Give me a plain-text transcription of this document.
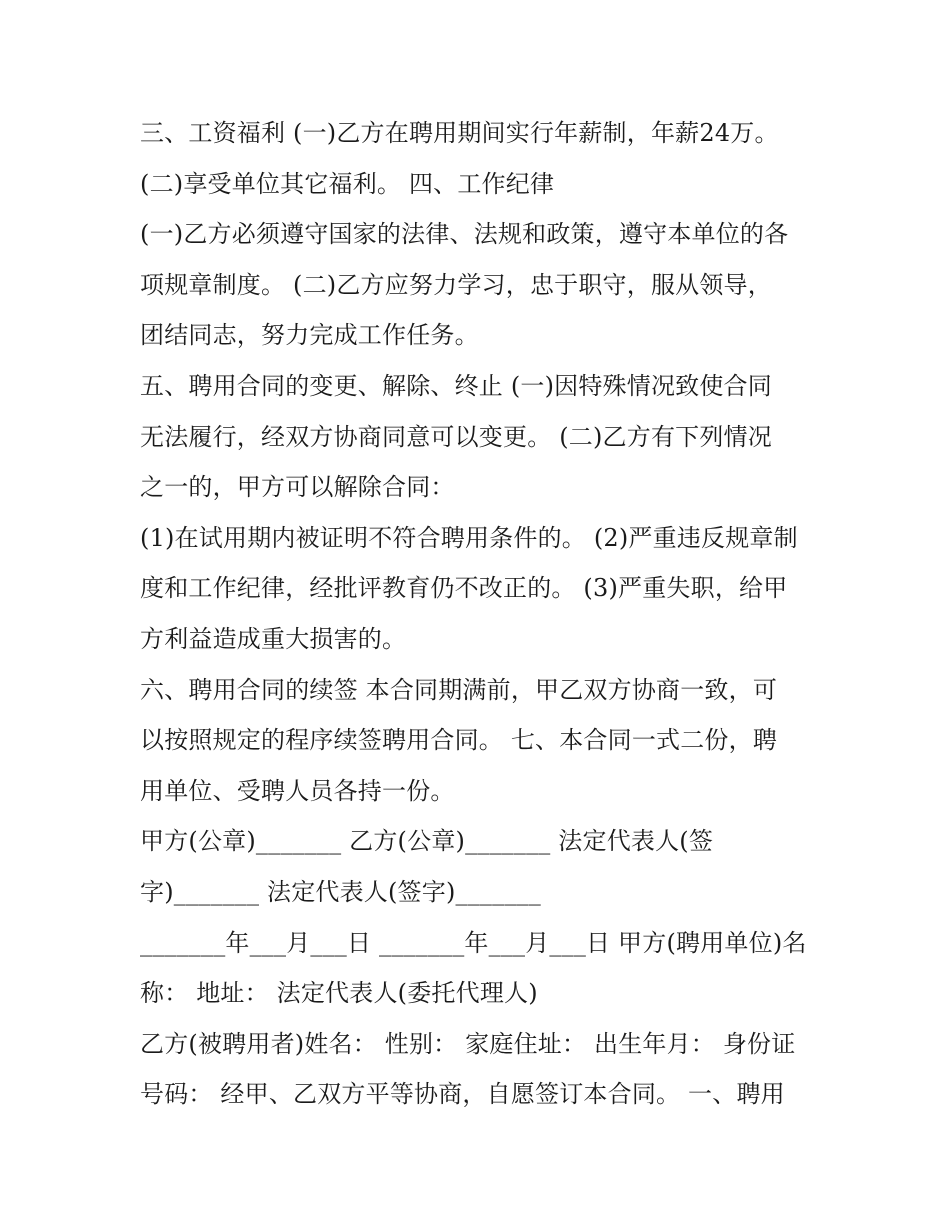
三、工资福利 (一)乙方在聘用期间实行年薪制，年薪24万。
(二)享受单位其它福利。 四、工作纪律
(一)乙方必须遵守国家的法律、法规和政策，遵守本单位的各
项规章制度。 (二)乙方应努力学习，忠于职守，服从领导，
团结同志，努力完成工作任务。
五、聘用合同的变更、解除、终止 (一)因特殊情况致使合同
无法履行，经双方协商同意可以变更。 (二)乙方有下列情况
之一的，甲方可以解除合同：
(1)在试用期内被证明不符合聘用条件的。 (2)严重违反规章制
度和工作纪律，经批评教育仍不改正的。 (3)严重失职，给甲
方利益造成重大损害的。
六、聘用合同的续签 本合同期满前，甲乙双方协商一致，可
以按照规定的程序续签聘用合同。 七、本合同一式二份，聘
用单位、受聘人员各持一份。
甲方(公章)_______ 乙方(公章)_______ 法定代表人(签
字)_______ 法定代表人(签字)_______
_______年___月___日 _______年___月___日 甲方(聘用单位)名
称： 地址： 法定代表人(委托代理人)
乙方(被聘用者)姓名： 性别： 家庭住址： 出生年月： 身份证
号码： 经甲、乙双方平等协商，自愿签订本合同。 一、聘用
